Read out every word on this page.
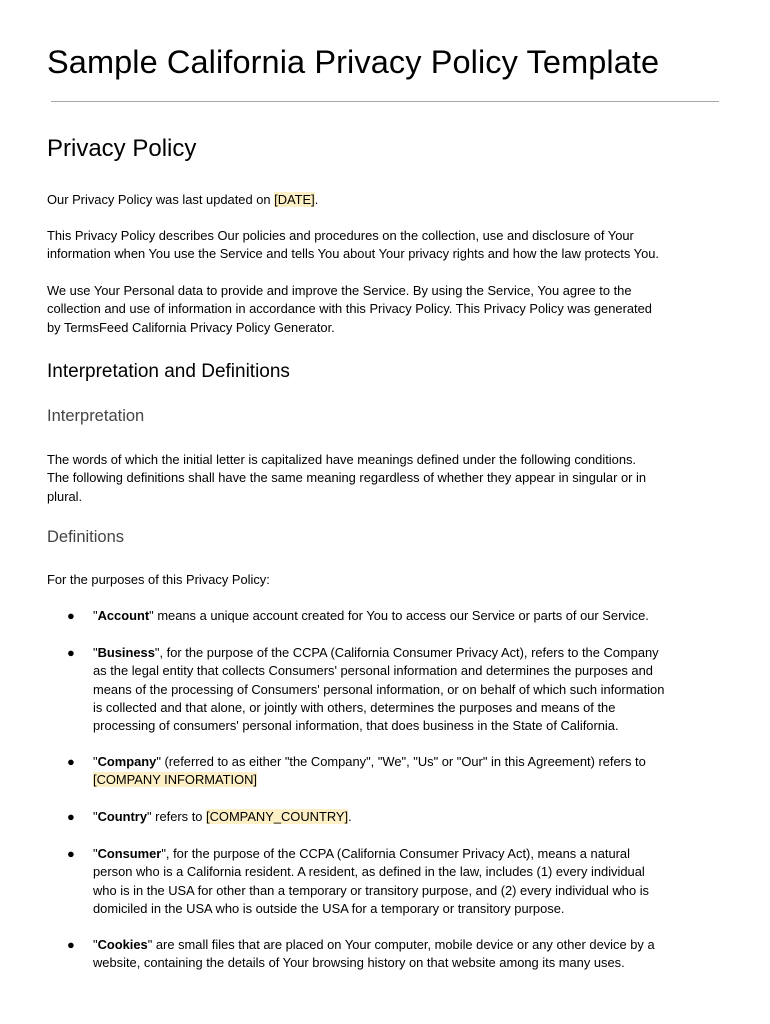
Sample California Privacy Policy Template
Privacy Policy

Our Privacy Policy was last updated on [DATE].

This Privacy Policy describes Our policies and procedures on the collection, use and disclosure of Your
information when You use the Service and tells You about Your privacy rights and how the law protects You.

We use Your Personal data to provide and improve the Service. By using the Service, You agree to the
collection and use of information in accordance with this Privacy Policy. This Privacy Policy was generated
by TermsFeed California Privacy Policy Generator.

Interpretation and Definitions
Interpretation

The words of which the initial letter is capitalized have meanings defined under the following conditions.
The following definitions shall have the same meaning regardless of whether they appear in singular or in
plural.

Definitions

For the purposes of this Privacy Policy:

● "Account" means a unique account created for You to access our Service or parts of our Service.
● "Business", for the purpose of the CCPA (California Consumer Privacy Act), refers to the Company
as the legal entity that collects Consumers' personal information and determines the purposes and
means of the processing of Consumers' personal information, or on behalf of which such information
is collected and that alone, or jointly with others, determines the purposes and means of the
processing of consumers' personal information, that does business in the State of California.
● "Company" (referred to as either "the Company", "We", "Us" or "Our" in this Agreement) refers to
[COMPANY INFORMATION]
● "Country" refers to [COMPANY_COUNTRY].
● "Consumer", for the purpose of the CCPA (California Consumer Privacy Act), means a natural
person who is a California resident. A resident, as defined in the law, includes (1) every individual
who is in the USA for other than a temporary or transitory purpose, and (2) every individual who is
domiciled in the USA who is outside the USA for a temporary or transitory purpose.
● "Cookies" are small files that are placed on Your computer, mobile device or any other device by a
website, containing the details of Your browsing history on that website among its many uses.
